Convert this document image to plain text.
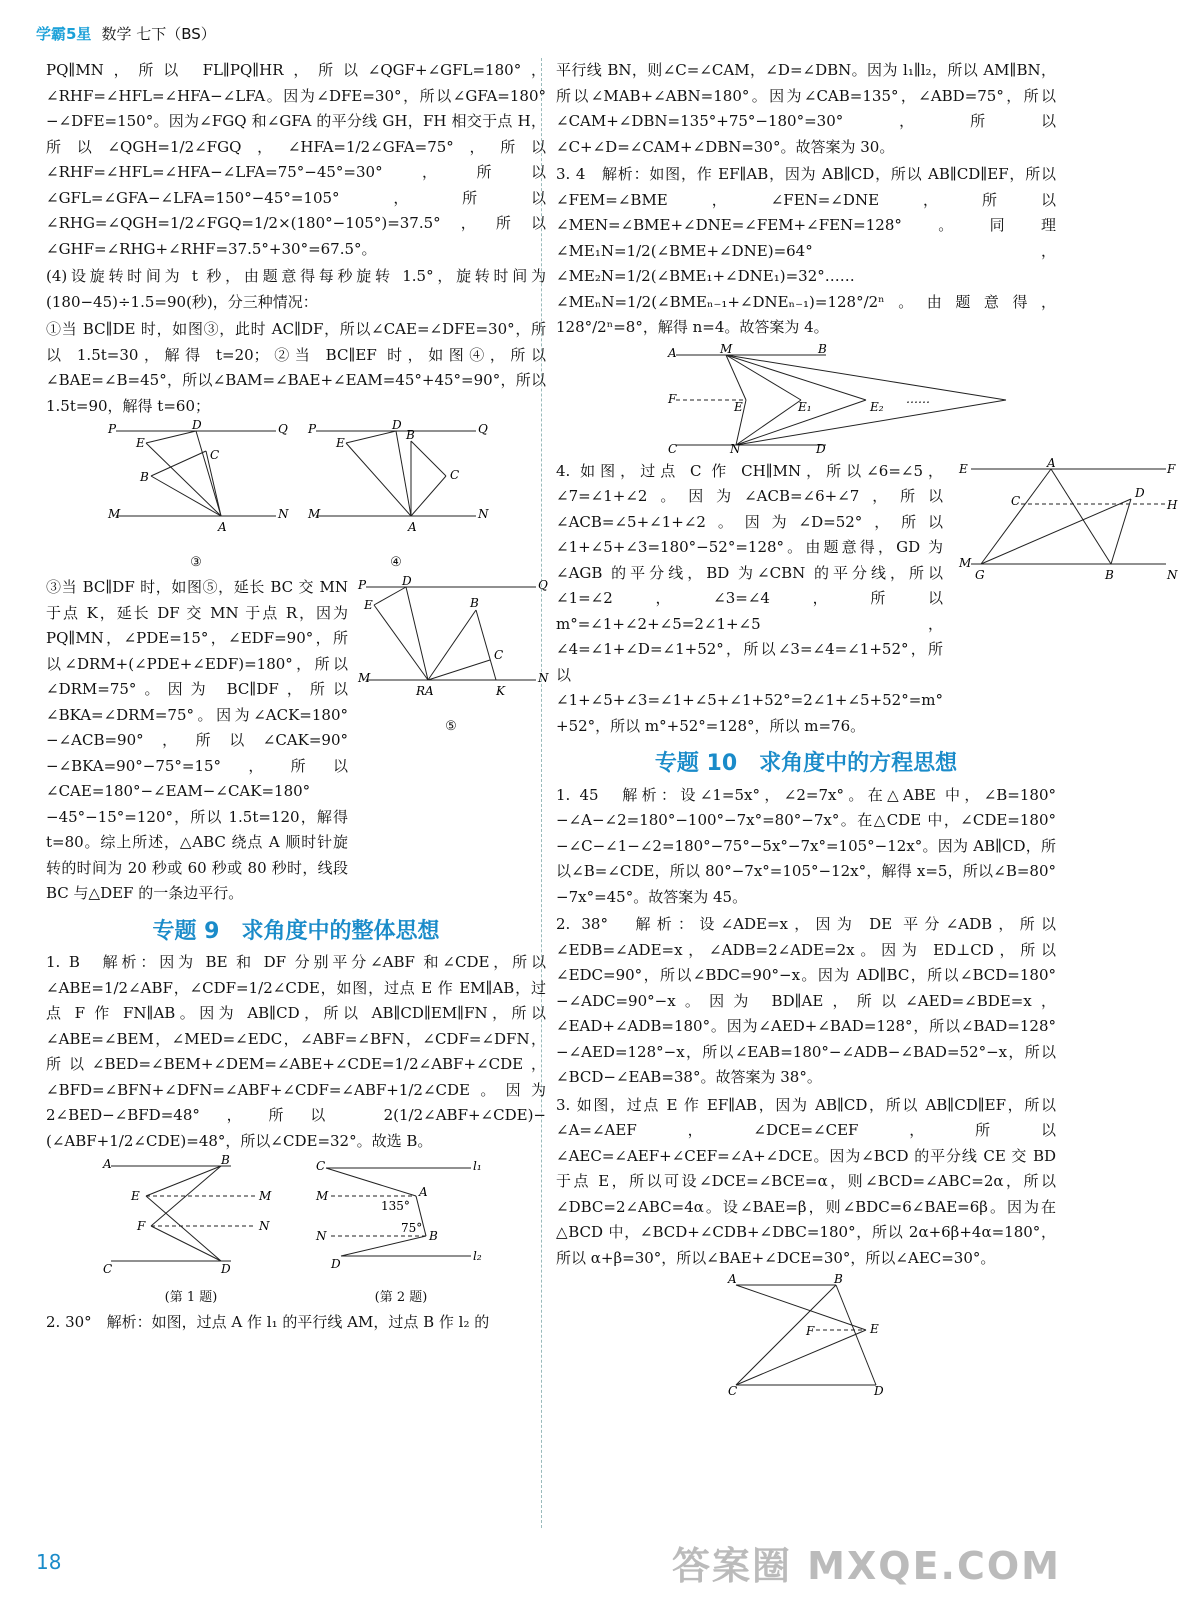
学霸5星 数学 七下（BS）

PQ∥MN，所以 FL∥PQ∥HR，所以∠QGF+∠GFL=180°，∠RHF=∠HFL=∠HFA−∠LFA。因为∠DFE=30°，所以∠GFA=180°−∠DFE=150°。因为∠FGQ 和∠GFA 的平分线 GH，FH 相交于点 H，所以∠QGH=1/2∠FGQ，∠HFA=1/2∠GFA=75°，所以∠RHF=∠HFL=∠HFA−∠LFA=75°−45°=30°，所以∠GFL=∠GFA−∠LFA=150°−45°=105°，所以∠RHG=∠QGH=1/2∠FGQ=1/2×(180°−105°)=37.5°，所以∠GHF=∠RHG+∠RHF=37.5°+30°=67.5°。

(4)设旋转时间为 t 秒，由题意得每秒旋转 1.5°，旋转时间为(180−45)÷1.5=90(秒)，分三种情况：

①当 BC∥DE 时，如图③，此时 AC∥DF，所以∠CAE=∠DFE=30°，所以 1.5t=30，解得 t=20；②当 BC∥EF 时，如图④，所以∠BAE=∠B=45°，所以∠BAM=∠BAE+∠EAM=45°+45°=90°，所以 1.5t=90，解得 t=60；

P	D	Q
E
B
C
M
A
N
③
P	D	Q
E
B
C
M
A
N
④

③当 BC∥DF 时，如图⑤，延长 BC 交 MN 于点 K，延长 DF 交 MN 于点 R，因为 PQ∥MN，∠PDE=15°，∠EDF=90°，所以∠DRM+(∠PDE+∠EDF)=180°，所以∠DRM=75°。因为 BC∥DF，所以∠BKA=∠DRM=75°。因为∠ACK=180°−∠ACB=90°，所以∠CAK=90°−∠BKA=90°−75°=15°，所以∠CAE=180°−∠EAM−∠CAK=180°−45°−15°=120°，所以 1.5t=120，解得 t=80。综上所述，△ABC 绕点 A 顺时针旋转的时间为 20 秒或 60 秒或 80 秒时，线段 BC 与△DEF 的一条边平行。

P	D	Q
E	B
C
M
RA	K
N
⑤
专题 9　求角度中的整体思想

1. B　解析：因为 BE 和 DF 分别平分∠ABF 和∠CDE，所以∠ABE=1/2∠ABF，∠CDF=1/2∠CDE，如图，过点 E 作 EM∥AB，过点 F 作 FN∥AB。因为 AB∥CD，所以 AB∥CD∥EM∥FN，所以∠ABE=∠BEM，∠MED=∠EDC，∠ABF=∠BFN，∠CDF=∠DFN，所以∠BED=∠BEM+∠DEM=∠ABE+∠CDE=1/2∠ABF+∠CDE，∠BFD=∠BFN+∠DFN=∠ABF+∠CDF=∠ABF+1/2∠CDE。因为 2∠BED−∠BFD=48°，所以 2(1/2∠ABF+∠CDE)−(∠ABF+1/2∠CDE)=48°，所以∠CDE=32°。故选 B。

A	B
E
F
M
N
C	D
(第 1 题)
C	l₁
M	A
135°
N	B
75°
D
l₂
(第 2 题)

2. 30°　解析：如图，过点 A 作 l₁ 的平行线 AM，过点 B 作 l₂ 的

平行线 BN，则∠C=∠CAM，∠D=∠DBN。因为 l₁∥l₂，所以 AM∥BN，所以∠MAB+∠ABN=180°。因为∠CAB=135°，∠ABD=75°，所以∠CAM+∠DBN=135°+75°−180°=30°，所以∠C+∠D=∠CAM+∠DBN=30°。故答案为 30。

3. 4　解析：如图，作 EF∥AB，因为 AB∥CD，所以 AB∥CD∥EF，所以∠FEM=∠BME，∠FEN=∠DNE，所以∠MEN=∠BME+∠DNE=∠FEM+∠FEN=128°。同理∠ME₁N=1/2(∠BME+∠DNE)=64°，∠ME₂N=1/2(∠BME₁+∠DNE₁)=32°……∠MEₙN=1/2(∠BMEₙ₋₁+∠DNEₙ₋₁)=128°/2ⁿ。由题意得，128°/2ⁿ=8°，解得 n=4。故答案为 4。

A	M	B
F
E	E₁	E₂
……
C	N	D

4. 如图，过点 C 作 CH∥MN，所以∠6=∠5，∠7=∠1+∠2。因为∠ACB=∠6+∠7，所以∠ACB=∠5+∠1+∠2。因为∠D=52°，所以∠1+∠5+∠3=180°−52°=128°。由题意得，GD 为∠AGB 的平分线，BD 为∠CBN 的平分线，所以∠1=∠2，∠3=∠4，所以 m°=∠1+∠2+∠5=2∠1+∠5，∠4=∠1+∠D=∠1+52°，所以∠3=∠4=∠1+52°，所以∠1+∠5+∠3=∠1+∠5+∠1+52°=2∠1+∠5+52°=m°+52°，所以 m°+52°=128°，所以 m=76。

E	A	F
C
D
H
M
G	B	N
专题 10　求角度中的方程思想

1. 45　解析：设∠1=5x°，∠2=7x°。在△ABE 中，∠B=180°−∠A−∠2=180°−100°−7x°=80°−7x°。在△CDE 中，∠CDE=180°−∠C−∠1−∠2=180°−75°−5x°−7x°=105°−12x°。因为 AB∥CD，所以∠B=∠CDE，所以 80°−7x°=105°−12x°，解得 x=5，所以∠B=80°−7x°=45°。故答案为 45。

2. 38°　解析：设∠ADE=x，因为 DE 平分∠ADB，所以∠EDB=∠ADE=x，∠ADB=2∠ADE=2x。因为 ED⊥CD，所以∠EDC=90°，所以∠BDC=90°−x。因为 AD∥BC，所以∠BCD=180°−∠ADC=90°−x。因为 BD∥AE，所以∠AED=∠BDE=x，∠EAD+∠ADB=180°。因为∠AED+∠BAD=128°，所以∠BAD=128°−∠AED=128°−x，所以∠EAB=180°−∠ADB−∠BAD=52°−x，所以∠BCD−∠EAB=38°。故答案为 38°。

3. 如图，过点 E 作 EF∥AB，因为 AB∥CD，所以 AB∥CD∥EF，所以∠A=∠AEF，∠DCE=∠CEF，所以∠AEC=∠AEF+∠CEF=∠A+∠DCE。因为∠BCD 的平分线 CE 交 BD 于点 E，所以可设∠DCE=∠BCE=α，则∠BCD=∠ABC=2α，所以∠DBC=2∠ABC=4α。设∠BAE=β，则∠BDC=6∠BAE=6β。因为在△BCD 中，∠BCD+∠CDB+∠DBC=180°，所以 2α+6β+4α=180°，所以 α+β=30°，所以∠BAE+∠DCE=30°，所以∠AEC=30°。

A	B
F	E
C	D
18	答案圈 MXQE.COM
